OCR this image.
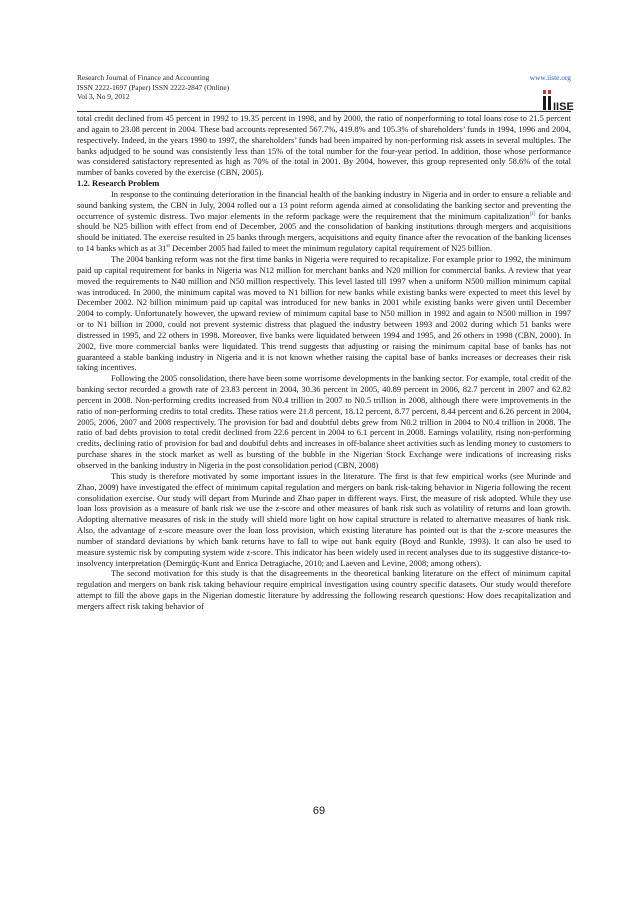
Research Journal of Finance and Accounting
ISSN 2222-1697 (Paper) ISSN 2222-2847 (Online)
Vol 3, No 9, 2012
www.iiste.org
IISE

total credit declined from 45 percent in 1992 to 19.35 percent in 1998, and by 2000, the ratio of nonperforming to total loans rose to 21.5 percent and again to 23.08 percent in 2004. These bad accounts represented 567.7%, 419.8% and 105.3% of shareholders’ funds in 1994, 1996 and 2004, respectively. Indeed, in the years 1990 to 1997, the shareholders’ funds had been impaired by non-performing risk assets in several multiples. The banks adjudged to be sound was consistently less than 15% of the total number for the four-year period. In addition, those whose performance was considered satisfactory represented as high as 70% of the total in 2001. By 2004, however, this group represented only 58.6% of the total number of banks covered by the exercise (CBN, 2005).

1.2. Research Problem

In response to the continuing deterioration in the financial health of the banking industry in Nigeria and in order to ensure a reliable and sound banking system, the CBN in July, 2004 rolled out a 13 point reform agenda aimed at consolidating the banking sector and preventing the occurrence of systemic distress. Two major elements in the reform package were the requirement that the minimum capitalization[1] for banks should be N25 billion with effect from end of December, 2005 and the consolidation of banking institutions through mergers and acquisitions should be initiated. The exercise resulted in 25 banks through mergers, acquisitions and equity finance after the revocation of the banking licenses to 14 banks which as at 31st December 2005 had failed to meet the minimum regulatory capital requirement of N25 billion.

The 2004 banking reform was not the first time banks in Nigeria were required to recapitalize. For example prior to 1992, the minimum paid up capital requirement for banks in Nigeria was N12 million for merchant banks and N20 million for commercial banks. A review that year moved the requirements to N40 million and N50 million respectively. This level lasted till 1997 when a uniform N500 million minimum capital was introduced. In 2000, the minimum capital was moved to N1 billion for new banks while existing banks were expected to meet this level by December 2002. N2 billion minimum paid up capital was introduced for new banks in 2001 while existing banks were given until December 2004 to comply. Unfortunately however, the upward review of minimum capital base to N50 million in 1992 and again to N500 million in 1997 or to N1 billion in 2000, could not prevent systemic distress that plagued the industry between 1993 and 2002 during which 51 banks were distressed in 1995, and 22 others in 1998. Moreover, five banks were liquidated between 1994 and 1995, and 26 others in 1998 (CBN, 2000). In 2002, five more commercial banks were liquidated. This trend suggests that adjusting or raising the minimum capital base of banks has not guaranteed a stable banking industry in Nigeria and it is not known whether raising the capital base of banks increases or decreases their risk taking incentives.

Following the 2005 consolidation, there have been some worrisome developments in the banking sector. For example, total credit of the banking sector recorded a growth rate of 23.83 percent in 2004, 30.36 percent in 2005, 40.89 percent in 2006, 82.7 percent in 2007 and 62.82 percent in 2008. Non-performing credits increased from N0.4 trillion in 2007 to N0.5 trillion in 2008, although there were improvements in the ratio of non-performing credits to total credits. These ratios were 21.8 percent, 18.12 percent, 8.77 percent, 8.44 percent and 6.26 percent in 2004, 2005, 2006, 2007 and 2008 respectively. The provision for bad and doubtful debts grew from N0.2 trillion in 2004 to N0.4 trillion in 2008. The ratio of bad debts provision to total credit declined from 22.6 percent in 2004 to 6.1 percent in 2008. Earnings volatility, rising non-performing credits, declining ratio of provision for bad and doubtful debts and increases in off-balance sheet activities such as lending money to customers to purchase shares in the stock market as well as bursting of the bubble in the Nigerian Stock Exchange were indications of increasing risks observed in the banking industry in Nigeria in the post consolidation period (CBN, 2008)

This study is therefore motivated by some important issues in the literature. The first is that few empirical works (see Murinde and Zhao, 2009) have investigated the effect of minimum capital regulation and mergers on bank risk-taking behavior in Nigeria following the recent consolidation exercise. Our study will depart from Murinde and Zhao paper in different ways. First, the measure of risk adopted. While they use loan loss provision as a measure of bank risk we use the z-score and other measures of bank risk such as volatility of returns and loan growth. Adopting alternative measures of risk in the study will shield more light on how capital structure is related to alternative measures of bank risk. Also, the advantage of z-score measure over the loan loss provision, which existing literature has pointed out is that the z-score measures the number of standard deviations by which bank returns have to fall to wipe out bank equity (Boyd and Runkle, 1993). It can also be used to measure systemic risk by computing system wide z-score. This indicator has been widely used in recent analyses due to its suggestive distance-to-insolvency interpretation (Demirgüç-Kunt and Enrica Detragiache, 2010; and Laeven and Levine, 2008; among others).

The second motivation for this study is that the disagreements in the theoretical banking literature on the effect of minimum capital regulation and mergers on bank risk taking behaviour require empirical investigation using country specific datasets. Our study would therefore attempt to fill the above gaps in the Nigerian domestic literature by addressing the following research questions: How does recapitalization and mergers affect risk taking behavior of

69
